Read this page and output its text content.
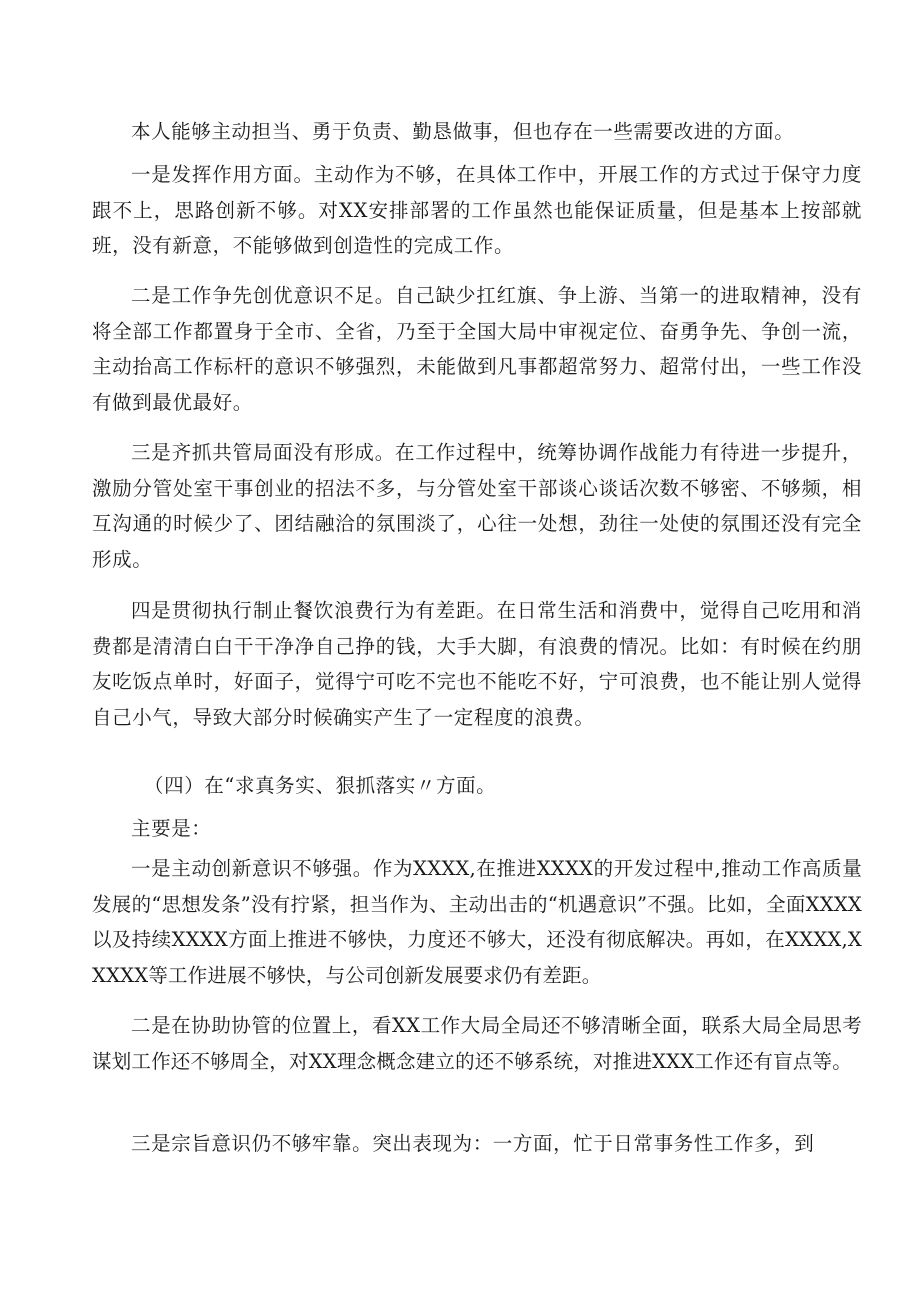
本人能够主动担当、勇于负责、勤恳做事，但也存在一些需要改进的方面。

一是发挥作用方面。主动作为不够，在具体工作中，开展工作的方式过于保守力度跟不上，思路创新不够。对XX安排部署的工作虽然也能保证质量，但是基本上按部就班，没有新意，不能够做到创造性的完成工作。

二是工作争先创优意识不足。自己缺少扛红旗、争上游、当第一的进取精神，没有将全部工作都置身于全市、全省，乃至于全国大局中审视定位、奋勇争先、争创一流，主动抬高工作标杆的意识不够强烈，未能做到凡事都超常努力、超常付出，一些工作没有做到最优最好。

三是齐抓共管局面没有形成。在工作过程中，统筹协调作战能力有待进一步提升，激励分管处室干事创业的招法不多，与分管处室干部谈心谈话次数不够密、不够频，相互沟通的时候少了、团结融洽的氛围淡了，心往一处想，劲往一处使的氛围还没有完全形成。

四是贯彻执行制止餐饮浪费行为有差距。在日常生活和消费中，觉得自己吃用和消费都是清清白白干干净净自己挣的钱，大手大脚，有浪费的情况。比如：有时候在约朋友吃饭点单时，好面子，觉得宁可吃不完也不能吃不好，宁可浪费，也不能让别人觉得自己小气，导致大部分时候确实产生了一定程度的浪费。

（四）在“求真务实、狠抓落实〃方面。

主要是：

一是主动创新意识不够强。作为XXXX,在推进XXXX的开发过程中,推动工作高质量发展的“思想发条”没有拧紧，担当作为、主动出击的“机遇意识”不强。比如，全面XXXX以及持续XXXX方面上推进不够快，力度还不够大，还没有彻底解决。再如，在XXXX,XXXXX等工作进展不够快，与公司创新发展要求仍有差距。

二是在协助协管的位置上，看XX工作大局全局还不够清晰全面，联系大局全局思考谋划工作还不够周全，对XX理念概念建立的还不够系统，对推进XXX工作还有盲点等。

三是宗旨意识仍不够牢靠。突出表现为：一方面，忙于日常事务性工作多，到
